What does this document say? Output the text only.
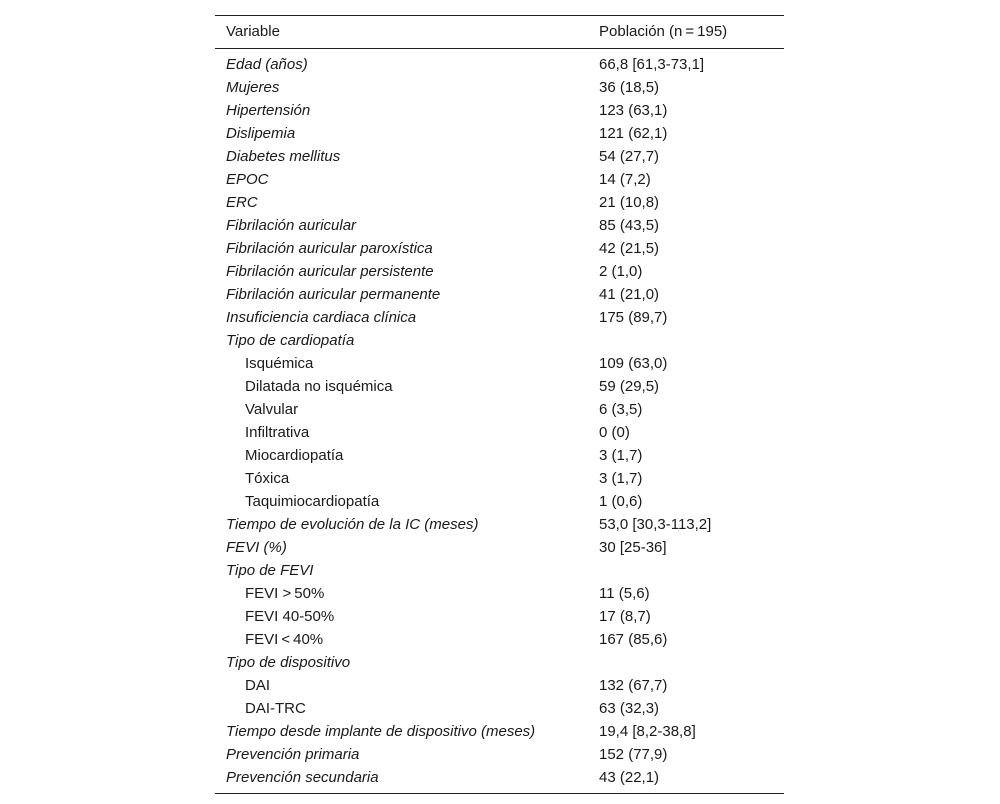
Variable	Población (n = 195)
Edad (años)	66,8 [61,3-73,1]
Mujeres	36 (18,5)
Hipertensión	123 (63,1)
Dislipemia	121 (62,1)
Diabetes mellitus	54 (27,7)
EPOC	14 (7,2)
ERC	21 (10,8)
Fibrilación auricular	85 (43,5)
Fibrilación auricular paroxística	42 (21,5)
Fibrilación auricular persistente	2 (1,0)
Fibrilación auricular permanente	41 (21,0)
Insuficiencia cardiaca clínica	175 (89,7)
Tipo de cardiopatía
Isquémica	109 (63,0)
Dilatada no isquémica	59 (29,5)
Valvular	6 (3,5)
Infiltrativa	0 (0)
Miocardiopatía	3 (1,7)
Tóxica	3 (1,7)
Taquimiocardiopatía	1 (0,6)
Tiempo de evolución de la IC (meses)	53,0 [30,3-113,2]
FEVI (%)	30 [25-36]
Tipo de FEVI
FEVI > 50%	11 (5,6)
FEVI 40-50%	17 (8,7)
FEVI < 40%	167 (85,6)
Tipo de dispositivo
DAI	132 (67,7)
DAI-TRC	63 (32,3)
Tiempo desde implante de dispositivo (meses)	19,4 [8,2-38,8]
Prevención primaria	152 (77,9)
Prevención secundaria	43 (22,1)
